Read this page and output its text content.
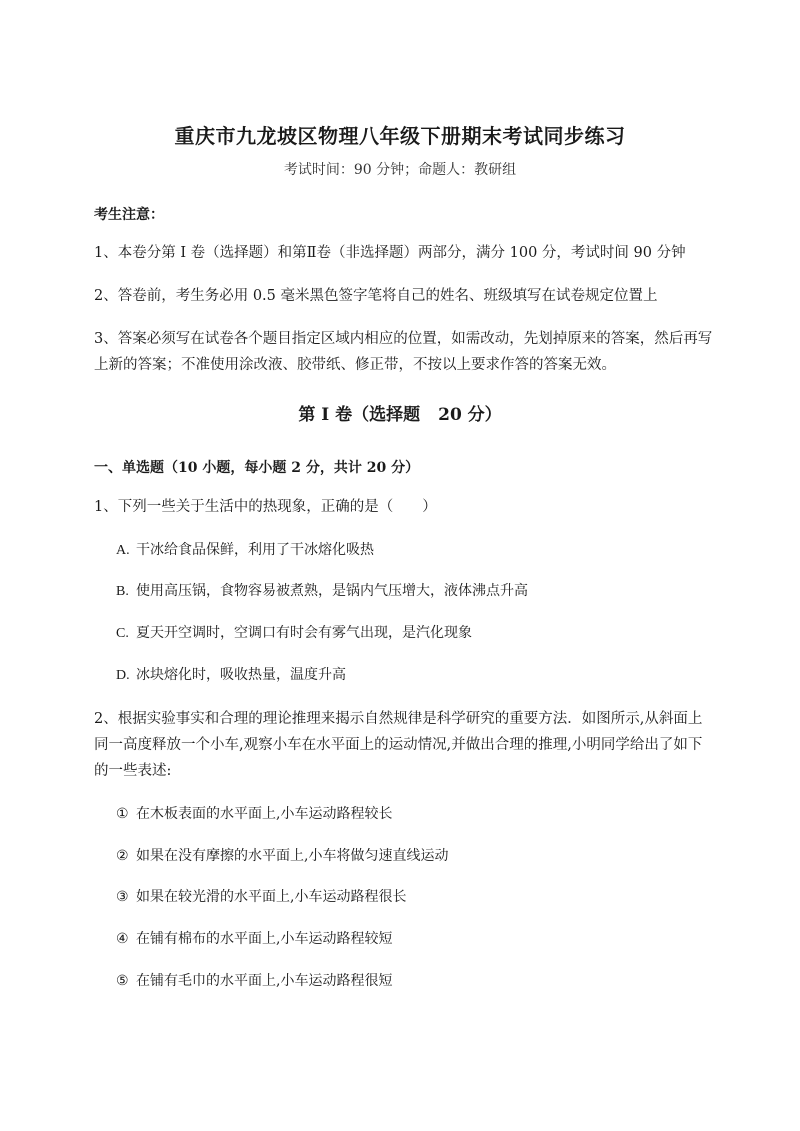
重庆市九龙坡区物理八年级下册期末考试同步练习
考试时间：90 分钟；命题人：教研组
考生注意：
1、本卷分第 I 卷（选择题）和第Ⅱ卷（非选择题）两部分，满分 100 分，考试时间 90 分钟
2、答卷前，考生务必用 0.5 毫米黑色签字笔将自己的姓名、班级填写在试卷规定位置上
3、答案必须写在试卷各个题目指定区域内相应的位置，如需改动，先划掉原来的答案，然后再写上新的答案；不准使用涂改液、胶带纸、修正带，不按以上要求作答的答案无效。
第 I 卷（选择题 20 分）
一、单选题（10 小题，每小题 2 分，共计 20 分）
1、下列一些关于生活中的热现象，正确的是（　　）
A. 干冰给食品保鲜，利用了干冰熔化吸热
B. 使用高压锅，食物容易被煮熟，是锅内气压增大，液体沸点升高
C. 夏天开空调时，空调口有时会有雾气出现，是汽化现象
D. 冰块熔化时，吸收热量，温度升高
2、根据实验事实和合理的理论推理来揭示自然规律是科学研究的重要方法．如图所示,从斜面上同一高度释放一个小车,观察小车在水平面上的运动情况,并做出合理的推理,小明同学给出了如下的一些表述:
① 在木板表面的水平面上,小车运动路程较长
② 如果在没有摩擦的水平面上,小车将做匀速直线运动
③ 如果在较光滑的水平面上,小车运动路程很长
④ 在铺有棉布的水平面上,小车运动路程较短
⑤ 在铺有毛巾的水平面上,小车运动路程很短
